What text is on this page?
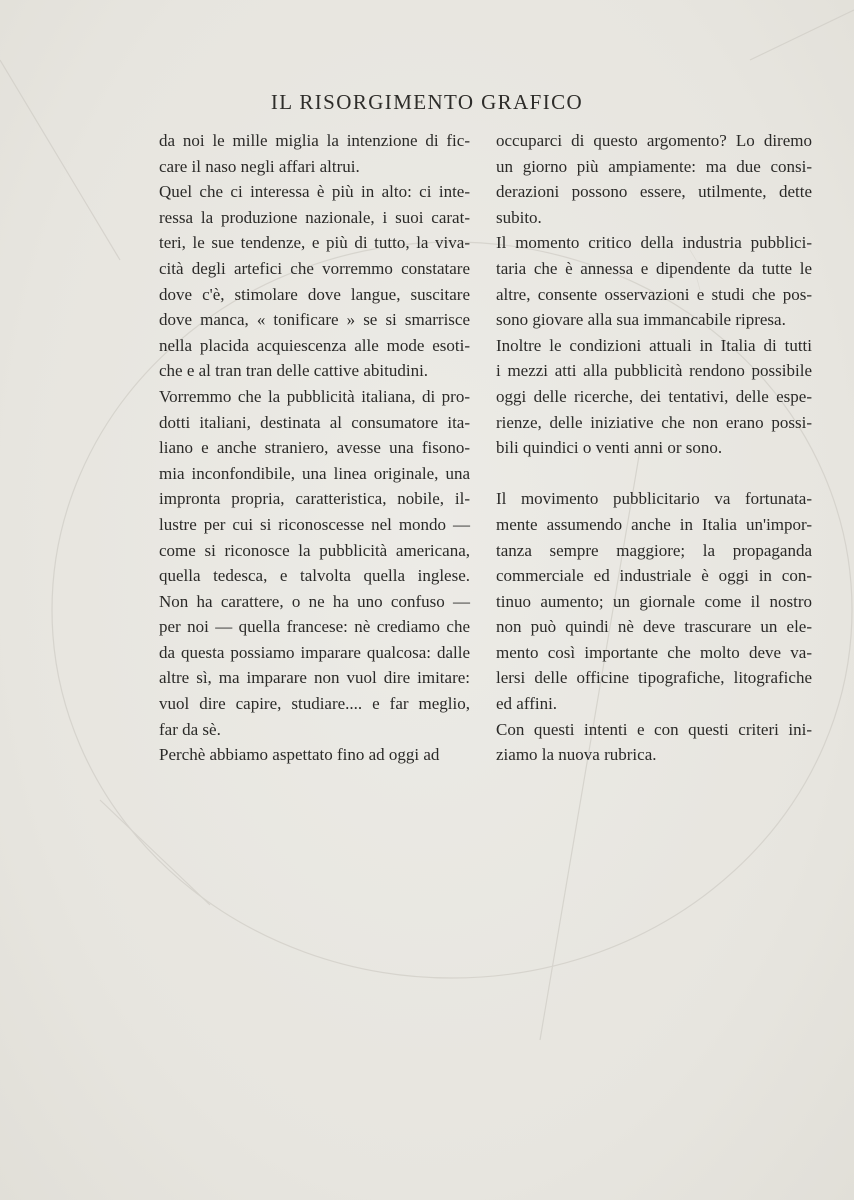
IL RISORGIMENTO GRAFICO

da noi le mille miglia la intenzione di fic-
care il naso negli affari altrui.

Quel che ci interessa è più in alto: ci inte-
ressa la produzione nazionale, i suoi carat-
teri, le sue tendenze, e più di tutto, la viva-
cità degli artefici che vorremmo constatare
dove c'è, stimolare dove langue, suscitare
dove manca, « tonificare » se si smarrisce
nella placida acquiescenza alle mode esoti-
che e al tran tran delle cattive abitudini.

Vorremmo che la pubblicità italiana, di pro-
dotti italiani, destinata al consumatore ita-
liano e anche straniero, avesse una fisono-
mia inconfondibile, una linea originale, una
impronta propria, caratteristica, nobile, il-
lustre per cui si riconoscesse nel mondo —
come si riconosce la pubblicità americana,
quella tedesca, e talvolta quella inglese.
Non ha carattere, o ne ha uno confuso —
per noi — quella francese: nè crediamo che
da questa possiamo imparare qualcosa: dalle
altre sì, ma imparare non vuol dire imitare:
vuol dire capire, studiare.... e far meglio,
far da sè.

Perchè abbiamo aspettato fino ad oggi ad

occuparci di questo argomento? Lo diremo
un giorno più ampiamente: ma due consi-
derazioni possono essere, utilmente, dette
subito.

Il momento critico della industria pubblici-
taria che è annessa e dipendente da tutte le
altre, consente osservazioni e studi che pos-
sono giovare alla sua immancabile ripresa.

Inoltre le condizioni attuali in Italia di tutti
i mezzi atti alla pubblicità rendono possibile
oggi delle ricerche, dei tentativi, delle espe-
rienze, delle iniziative che non erano possi-
bili quindici o venti anni or sono.

Il movimento pubblicitario va fortunata-
mente assumendo anche in Italia un'impor-
tanza sempre maggiore; la propaganda
commerciale ed industriale è oggi in con-
tinuo aumento; un giornale come il nostro
non può quindi nè deve trascurare un ele-
mento così importante che molto deve va-
lersi delle officine tipografiche, litografiche
ed affini.

Con questi intenti e con questi criteri ini-
ziamo la nuova rubrica.
